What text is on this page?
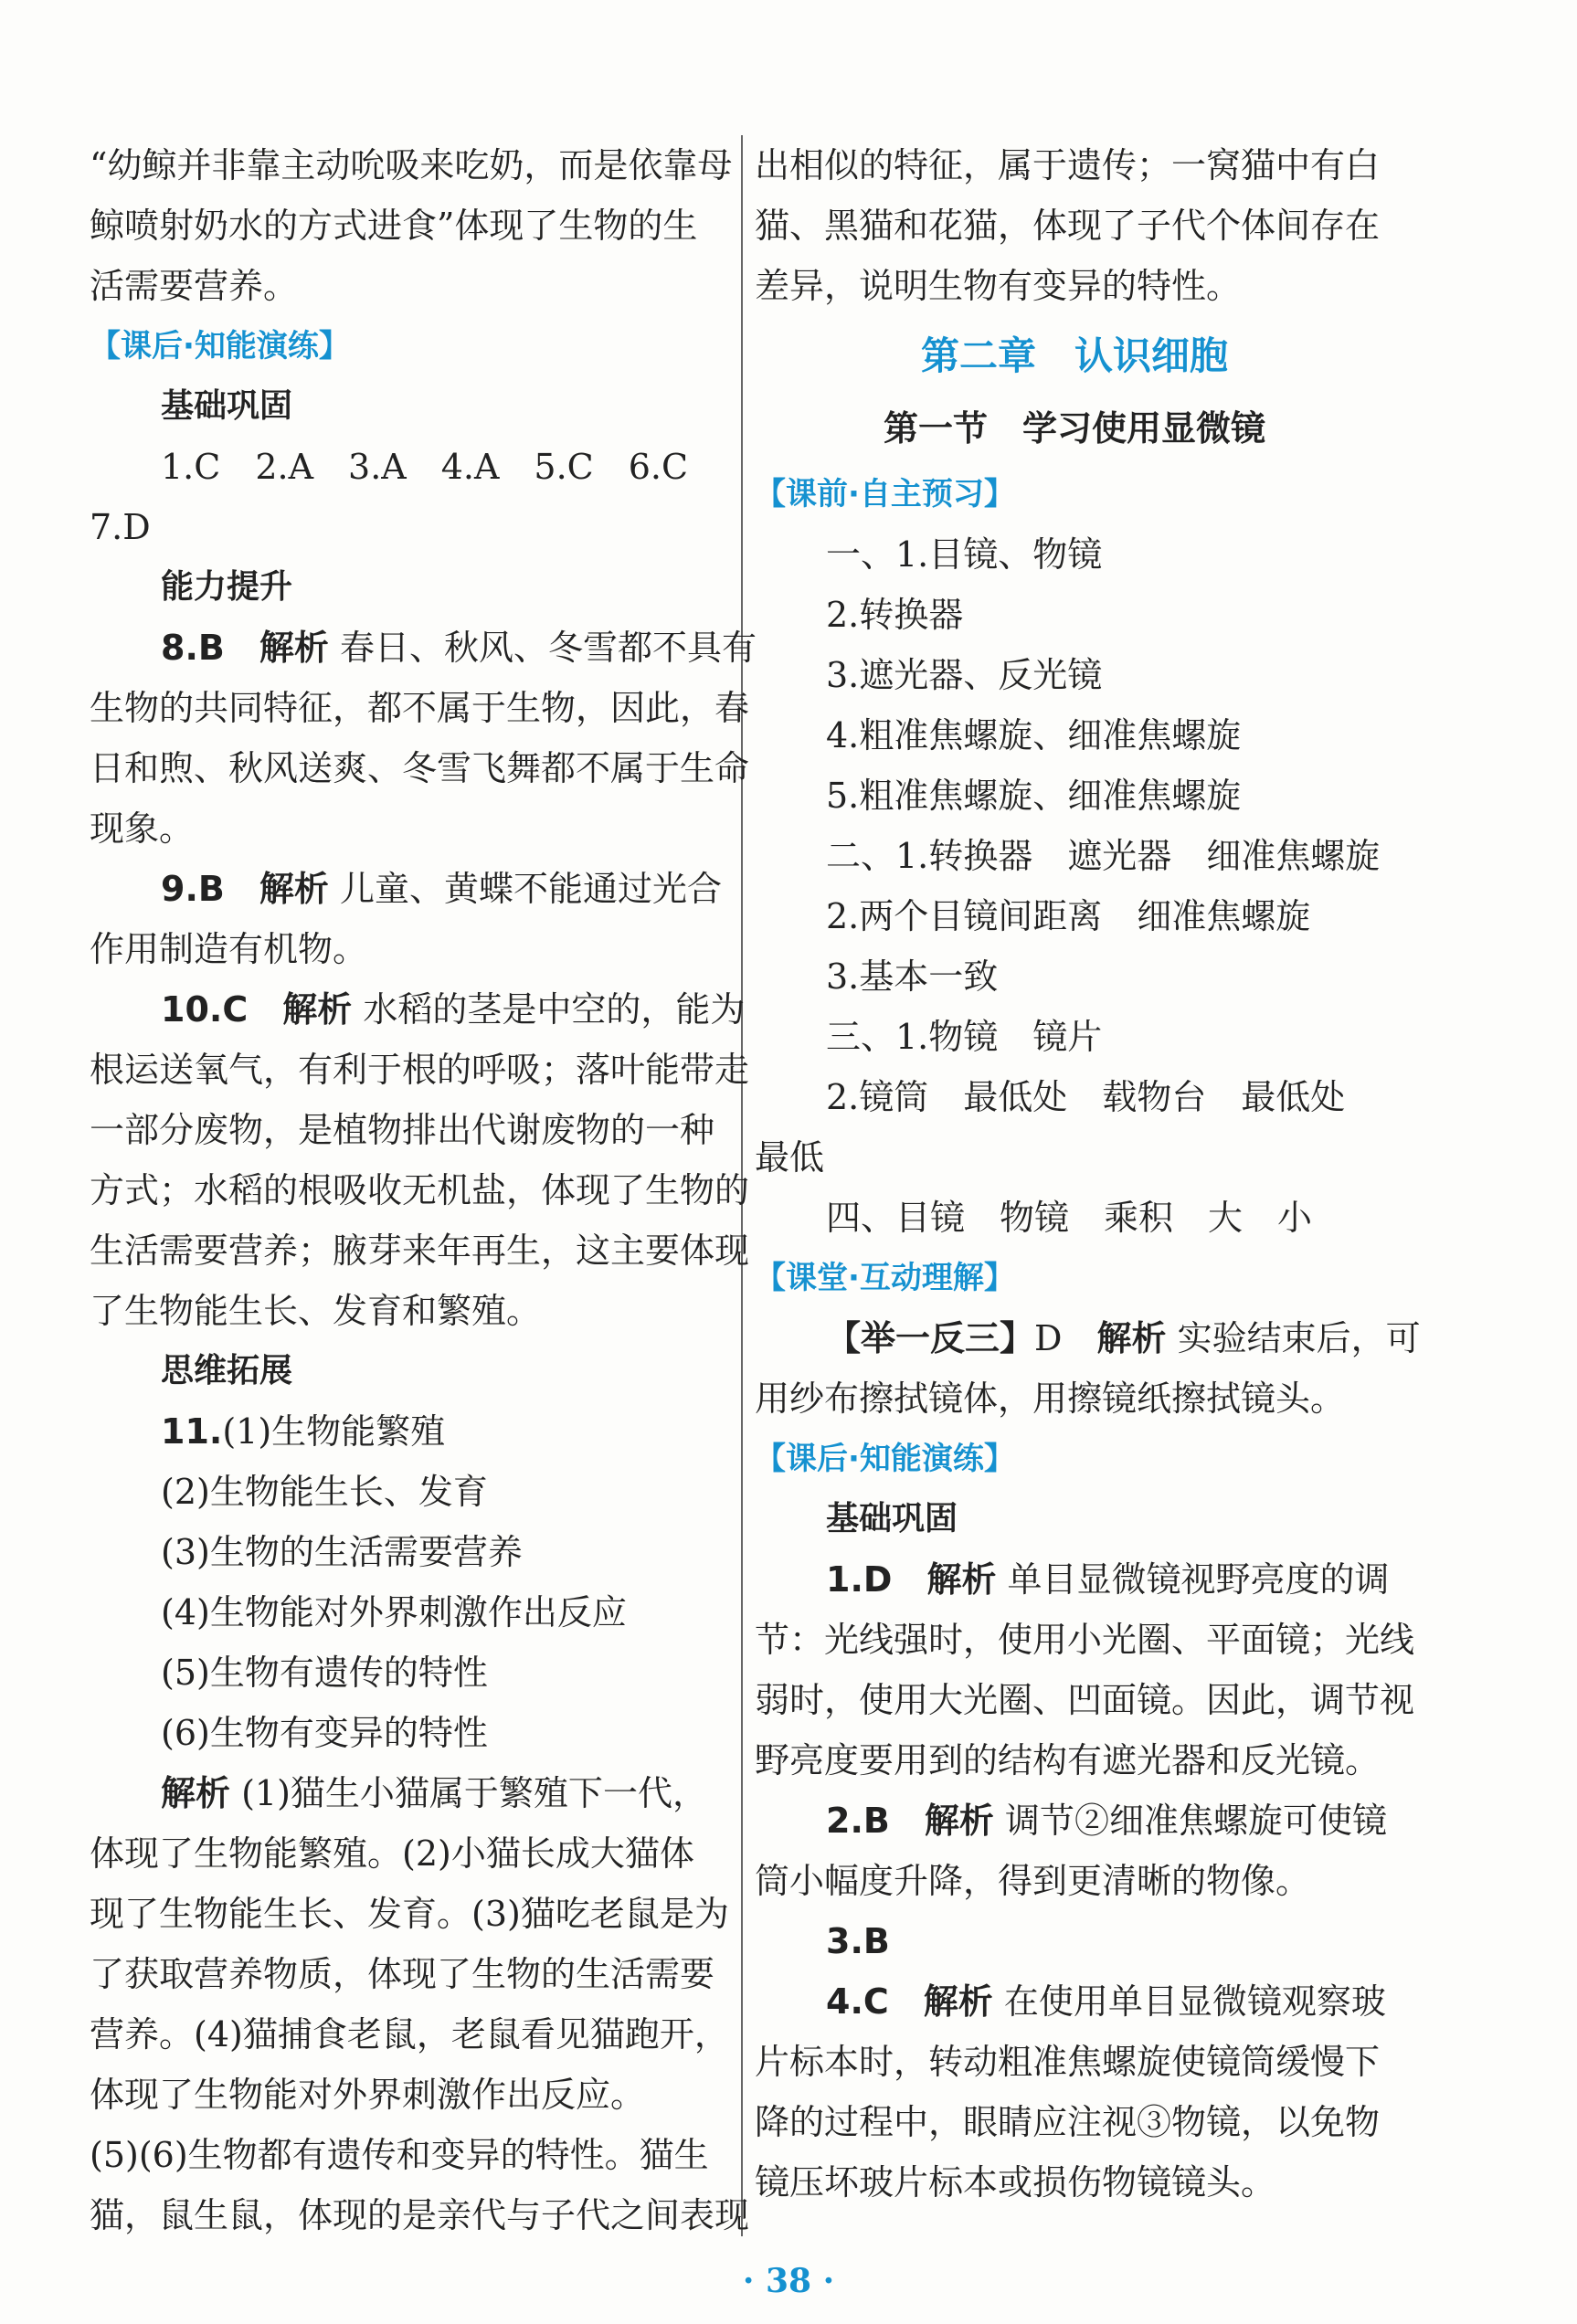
“幼鲸并非靠主动吮吸来吃奶，而是依靠母

鲸喷射奶水的方式进食”体现了生物的生

活需要营养。

【课后·知能演练】

基础巩固

1.C　2.A　3.A　4.A　5.C　6.C

7.D

能力提升

8.B　 解析 春日、秋风、冬雪都不具有

生物的共同特征，都不属于生物，因此，春

日和煦、秋风送爽、冬雪飞舞都不属于生命

现象。

9.B　 解析 儿童、黄蝶不能通过光合

作用制造有机物。

10.C　 解析 水稻的茎是中空的，能为

根运送氧气，有利于根的呼吸；落叶能带走

一部分废物，是植物排出代谢废物的一种

方式；水稻的根吸收无机盐，体现了生物的

生活需要营养；腋芽来年再生，这主要体现

了生物能生长、发育和繁殖。

思维拓展

11.(1)生物能繁殖

(2)生物能生长、发育

(3)生物的生活需要营养

(4)生物能对外界刺激作出反应

(5)生物有遗传的特性

(6)生物有变异的特性

解析 (1)猫生小猫属于繁殖下一代，

体现了生物能繁殖。(2)小猫长成大猫体

现了生物能生长、发育。(3)猫吃老鼠是为

了获取营养物质，体现了生物的生活需要

营养。(4)猫捕食老鼠，老鼠看见猫跑开，

体现了生物能对外界刺激作出反应。

(5)(6)生物都有遗传和变异的特性。猫生

猫，鼠生鼠，体现的是亲代与子代之间表现

出相似的特征，属于遗传；一窝猫中有白

猫、黑猫和花猫，体现了子代个体间存在

差异，说明生物有变异的特性。

第二章　认识细胞

第一节　学习使用显微镜

【课前·自主预习】

一、1.目镜、物镜

2.转换器

3.遮光器、反光镜

4.粗准焦螺旋、细准焦螺旋

5.粗准焦螺旋、细准焦螺旋

二、1.转换器　遮光器　细准焦螺旋

2.两个目镜间距离　细准焦螺旋

3.基本一致

三、1.物镜　镜片

2.镜筒　最低处　载物台　最低处

最低

四、目镜　物镜　乘积　大　小

【课堂·互动理解】

【举一反三】D　 解析 实验结束后，可

用纱布擦拭镜体，用擦镜纸擦拭镜头。

【课后·知能演练】

基础巩固

1.D　 解析 单目显微镜视野亮度的调

节：光线强时，使用小光圈、平面镜；光线

弱时，使用大光圈、凹面镜。因此，调节视

野亮度要用到的结构有遮光器和反光镜。

2.B　 解析 调节②细准焦螺旋可使镜

筒小幅度升降，得到更清晰的物像。

3.B

4.C　 解析 在使用单目显微镜观察玻

片标本时，转动粗准焦螺旋使镜筒缓慢下

降的过程中，眼睛应注视③物镜，以免物

镜压坏玻片标本或损伤物镜镜头。

· 38 ·
